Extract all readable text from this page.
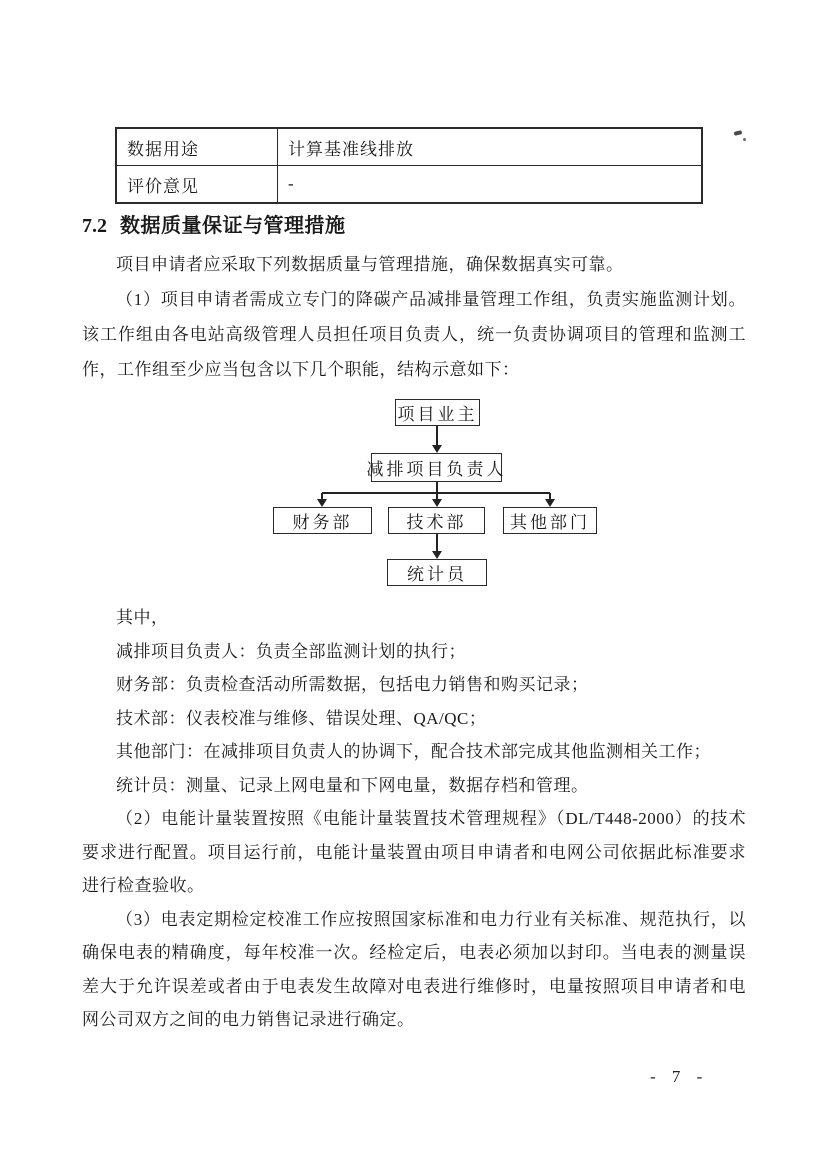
数据用途	计算基准线排放
评价意见	-
7.2 数据质量保证与管理措施

项目申请者应采取下列数据质量与管理措施，确保数据真实可靠。

（1）项目申请者需成立专门的降碳产品减排量管理工作组，负责实施监测计划。该工作组由各电站高级管理人员担任项目负责人，统一负责协调项目的管理和监测工作，工作组至少应当包含以下几个职能，结构示意如下：

项目业主
减排项目负责人
财务部	技术部	其他部门
统计员

其中，

减排项目负责人：负责全部监测计划的执行；

财务部：负责检查活动所需数据，包括电力销售和购买记录；

技术部：仪表校准与维修、错误处理、QA/QC；

其他部门：在减排项目负责人的协调下，配合技术部完成其他监测相关工作；

统计员：测量、记录上网电量和下网电量，数据存档和管理。

（2）电能计量装置按照《电能计量装置技术管理规程》（DL/T448-2000）的技术要求进行配置。项目运行前，电能计量装置由项目申请者和电网公司依据此标准要求进行检查验收。

（3）电表定期检定校准工作应按照国家标准和电力行业有关标准、规范执行，以确保电表的精确度，每年校准一次。经检定后，电表必须加以封印。当电表的测量误差大于允许误差或者由于电表发生故障对电表进行维修时，电量按照项目申请者和电网公司双方之间的电力销售记录进行确定。

- 7 -
